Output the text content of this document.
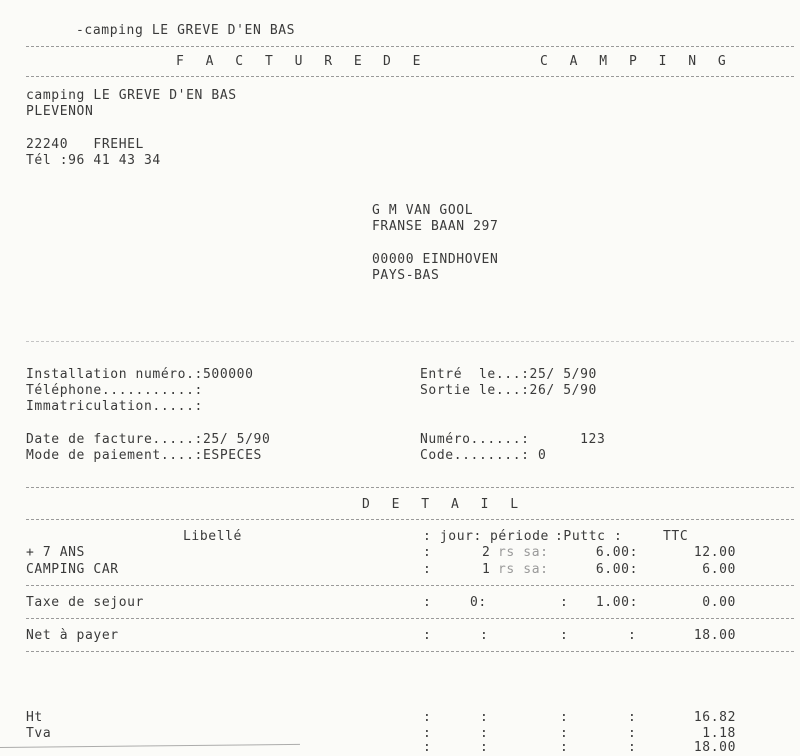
-camping LE GREVE D'EN BAS
F A C T U R E D E	C A M P I N G
camping LE GREVE D'EN BAS
PLEVENON
22240   FREHEL
Tél :96 41 43 34
G M VAN GOOL
FRANSE BAAN 297
00000 EINDHOVEN
PAYS-BAS
Installation numéro.:500000
Téléphone...........:
Immatriculation.....:
Entré  le...:25/ 5/90
Sortie le...:26/ 5/90
Date de facture.....:25/ 5/90
Mode de paiement....:ESPECES
Numéro......:      123
Code........: 0
D E T A I L
Libellé	: jour: période :Puttc :	TTC
+ 7 ANS	:      2 rs sa:	6.00:	12.00
CAMPING CAR	:      1 rs sa:	6.00:	6.00
Taxe de sejour	:	0:	:	1.00:	0.00
Net à payer	:	:	:	:	18.00
Ht	:	:	:	:	16.82
Tva	:	:	:	:	1.18
:	:	:	:	18.00
